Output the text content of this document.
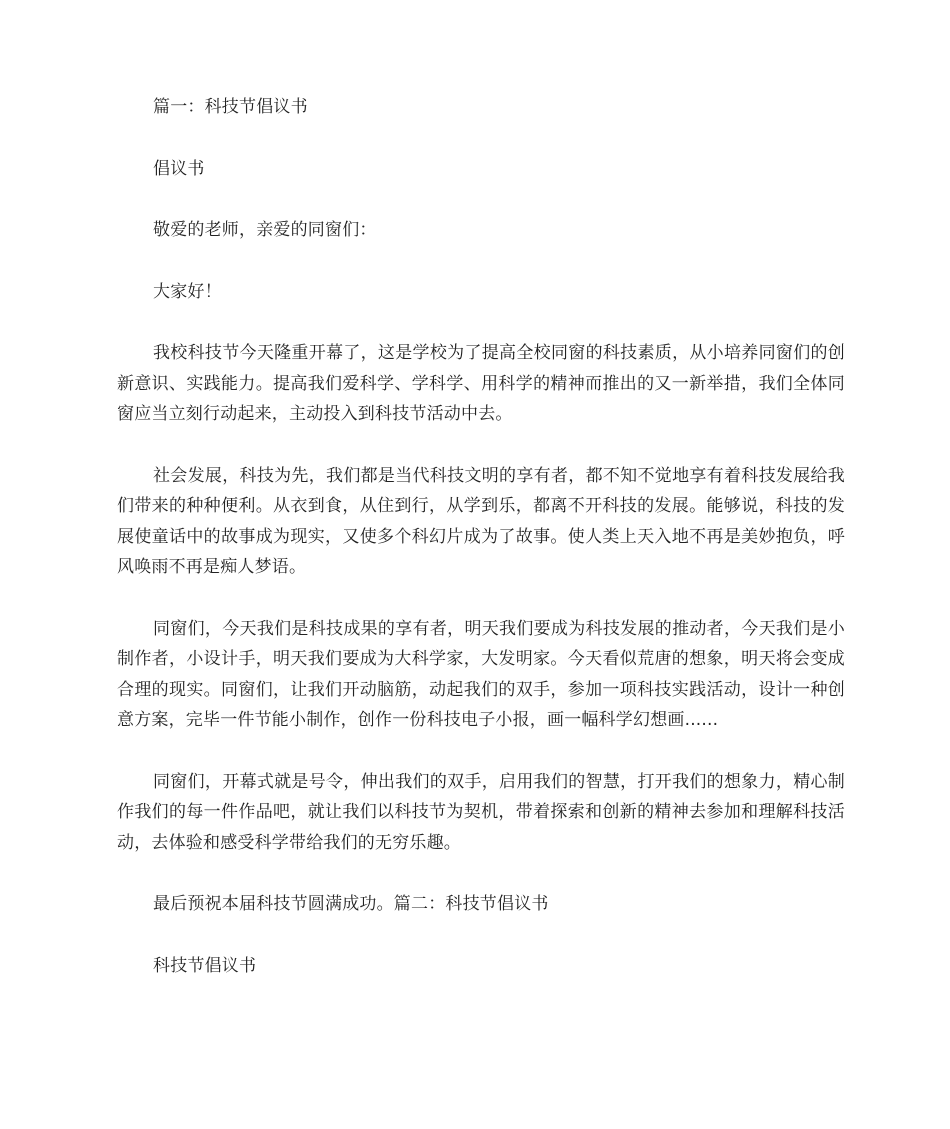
篇一：科技节倡议书

倡议书

敬爱的老师，亲爱的同窗们：

大家好！

我校科技节今天隆重开幕了，这是学校为了提高全校同窗的科技素质，从小培养同窗们的创新意识、实践能力。提高我们爱科学、学科学、用科学的精神而推出的又一新举措，我们全体同窗应当立刻行动起来，主动投入到科技节活动中去。

社会发展，科技为先，我们都是当代科技文明的享有者，都不知不觉地享有着科技发展给我们带来的种种便利。从衣到食，从住到行，从学到乐，都离不开科技的发展。能够说，科技的发展使童话中的故事成为现实，又使多个科幻片成为了故事。使人类上天入地不再是美妙抱负，呼风唤雨不再是痴人梦语。

同窗们，今天我们是科技成果的享有者，明天我们要成为科技发展的推动者，今天我们是小制作者，小设计手，明天我们要成为大科学家，大发明家。今天看似荒唐的想象，明天将会变成合理的现实。同窗们，让我们开动脑筋，动起我们的双手，参加一项科技实践活动，设计一种创意方案，完毕一件节能小制作，创作一份科技电子小报，画一幅科学幻想画......

同窗们，开幕式就是号令，伸出我们的双手，启用我们的智慧，打开我们的想象力，精心制作我们的每一件作品吧，就让我们以科技节为契机，带着探索和创新的精神去参加和理解科技活动，去体验和感受科学带给我们的无穷乐趣。

最后预祝本届科技节圆满成功。篇二：科技节倡议书

科技节倡议书
